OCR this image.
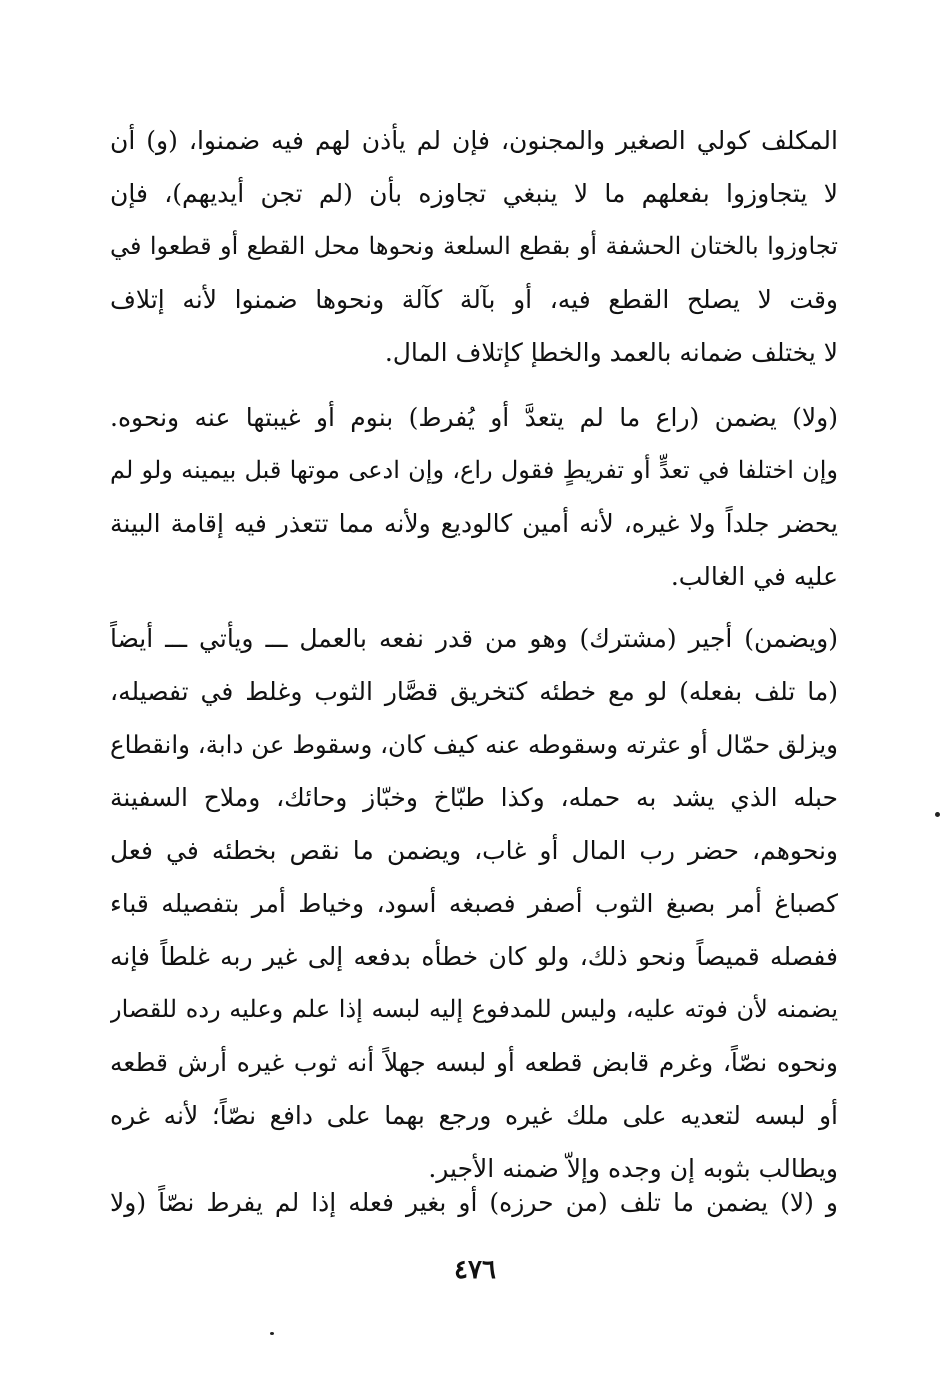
المكلف كولي الصغير والمجنون، فإن لم يأذن لهم فيه ضمنوا، (و) أن
لا يتجاوزوا بفعلهم ما لا ينبغي تجاوزه بأن (لم تجن أيديهم)، فإن
تجاوزوا بالختان الحشفة أو بقطع السلعة ونحوها محل القطع أو قطعوا في
وقت لا يصلح القطع فيه، أو بآلة كآلة ونحوها ضمنوا لأنه إتلاف
لا يختلف ضمانه بالعمد والخطإ كإتلاف المال.
(ولا) يضمن (راع ما لم يتعدَّ أو يُفرط) بنوم أو غيبتها عنه ونحوه.
وإن اختلفا في تعدٍّ أو تفريطٍ فقول راع، وإن ادعى موتها قبل بيمينه ولو لم
يحضر جلداً ولا غيره، لأنه أمين كالوديع ولأنه مما تتعذر فيه إقامة البينة
عليه في الغالب.
(ويضمن) أجير (مشترك) وهو من قدر نفعه بالعمل ـــ ويأتي ـــ أيضاً
(ما تلف بفعله) لو مع خطئه كتخريق قصَّار الثوب وغلط في تفصيله،
ويزلق حمّال أو عثرته وسقوطه عنه كيف كان، وسقوط عن دابة، وانقطاع
حبله الذي يشد به حمله، وكذا طبّاخ وخبّاز وحائك، وملاح السفينة
ونحوهم، حضر رب المال أو غاب، ويضمن ما نقص بخطئه في فعل
كصباغ أمر بصبغ الثوب أصفر فصبغه أسود، وخياط أمر بتفصيله قباء
ففصله قميصاً ونحو ذلك، ولو كان خطأه بدفعه إلى غير ربه غلطاً فإنه
يضمنه لأن فوته عليه، وليس للمدفوع إليه لبسه إذا علم وعليه رده للقصار
ونحوه نصّاً، وغرم قابض قطعه أو لبسه جهلاً أنه ثوب غيره أرش قطعه
أو لبسه لتعديه على ملك غيره ورجع بهما على دافع نصّاً؛ لأنه غره
ويطالب بثوبه إن وجده وإلاّ ضمنه الأجير.
و (لا) يضمن ما تلف (من حرزه) أو بغير فعله إذا لم يفرط نصّاً (ولا
٤٧٦
